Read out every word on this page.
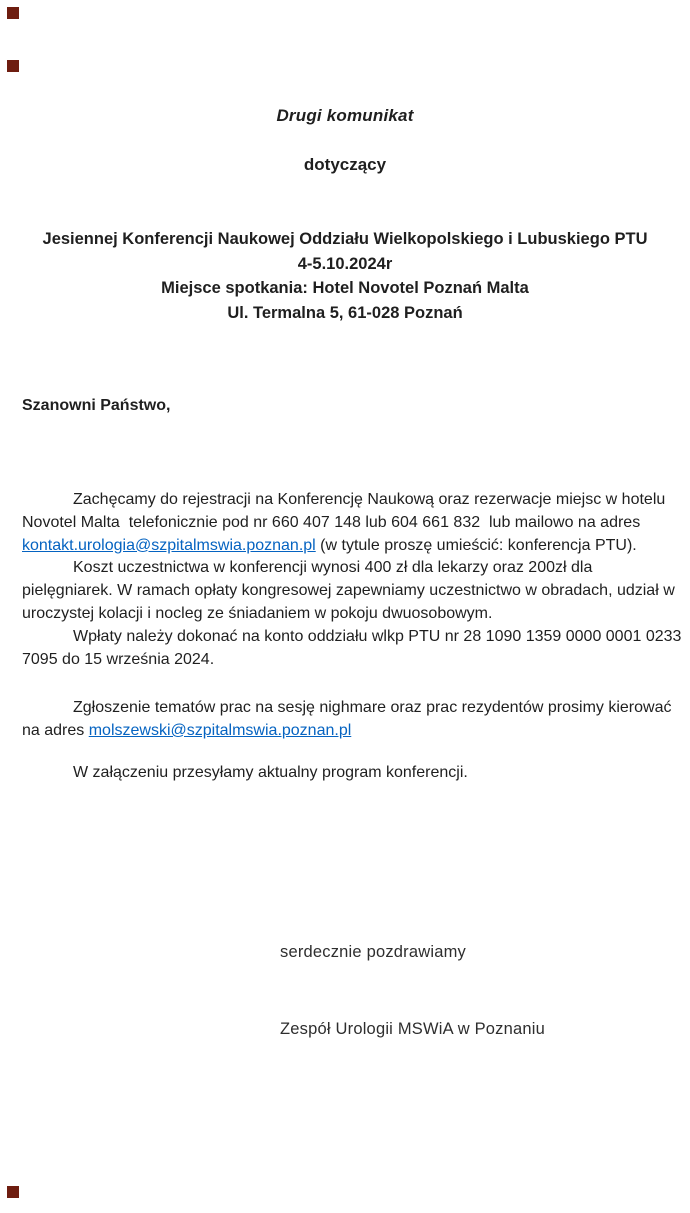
Drugi komunikat
dotyczący
Jesiennej Konferencji Naukowej Oddziału Wielkopolskiego i Lubuskiego PTU
4-5.10.2024r
Miejsce spotkania: Hotel Novotel Poznań Malta
Ul. Termalna 5, 61-028 Poznań
Szanowni Państwo,
Zachęcamy do rejestracji na Konferencję Naukową oraz rezerwacje miejsc w hotelu
Novotel Malta  telefonicznie pod nr 660 407 148 lub 604 661 832  lub mailowo na adres
kontakt.urologia@szpitalmswia.poznan.pl (w tytule proszę umieścić: konferencja PTU).
Koszt uczestnictwa w konferencji wynosi 400 zł dla lekarzy oraz 200zł dla
pielęgniarek. W ramach opłaty kongresowej zapewniamy uczestnictwo w obradach, udział w
uroczystej kolacji i nocleg ze śniadaniem w pokoju dwuosobowym.
Wpłaty należy dokonać na konto oddziału wlkp PTU nr 28 1090 1359 0000 0001 0233
7095 do 15 września 2024.
Zgłoszenie tematów prac na sesję nighmare oraz prac rezydentów prosimy kierować
na adres molszewski@szpitalmswia.poznan.pl
W załączeniu przesyłamy aktualny program konferencji.
serdecznie pozdrawiamy
Zespół Urologii MSWiA w Poznaniu
